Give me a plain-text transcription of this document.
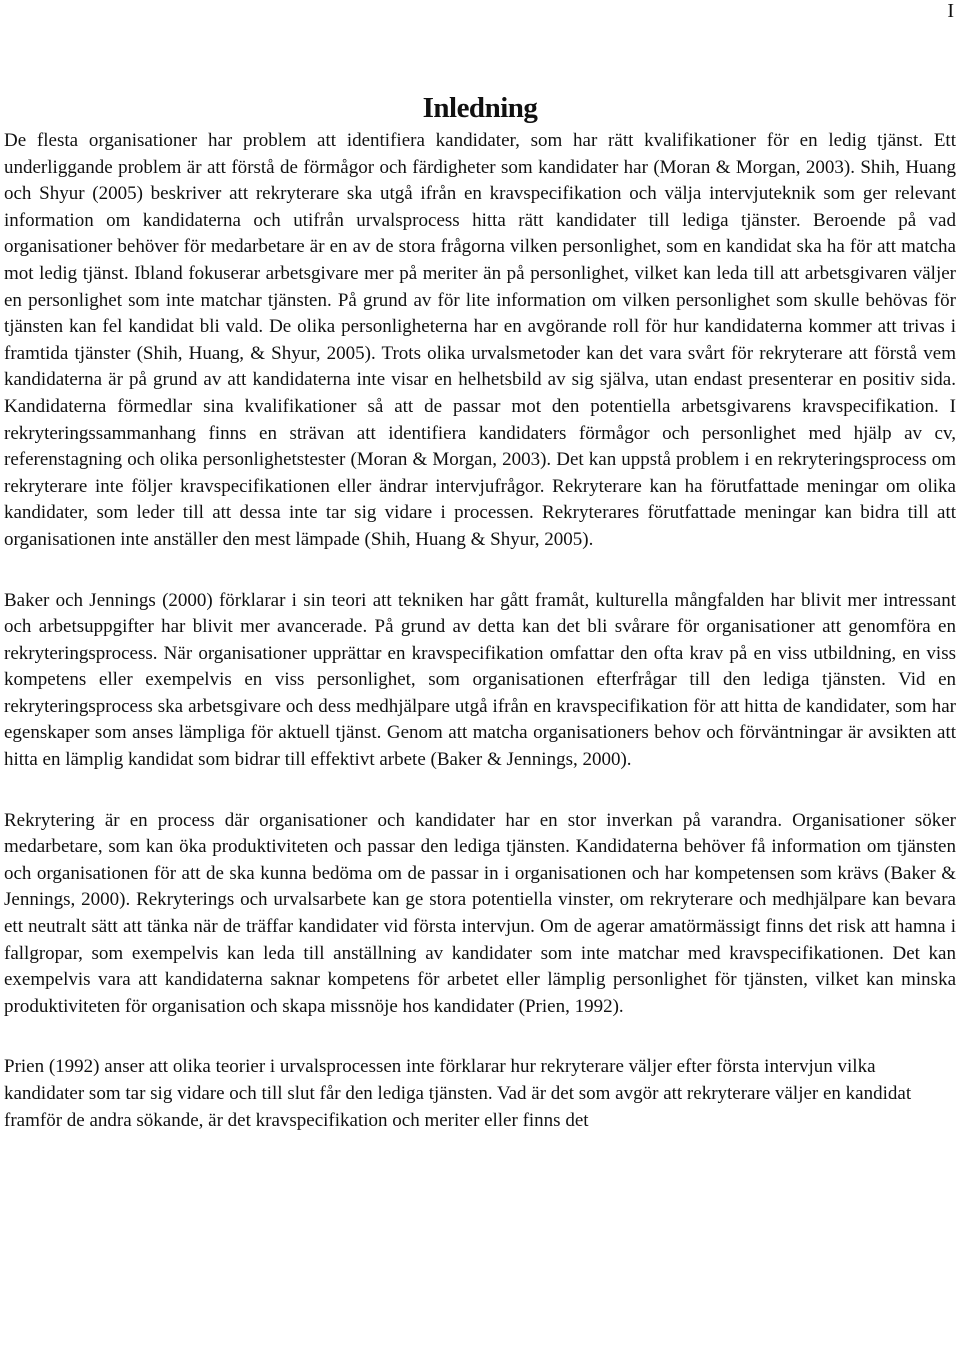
I
Inledning

De flesta organisationer har problem att identifiera kandidater, som har rätt kvalifikationer för en ledig tjänst. Ett underliggande problem är att förstå de förmågor och färdigheter som kandidater har (Moran & Morgan, 2003). Shih, Huang och Shyur (2005) beskriver att rekryterare ska utgå ifrån en kravspecifikation och välja intervjuteknik som ger relevant information om kandidaterna och utifrån urvalsprocess hitta rätt kandidater till lediga tjänster. Beroende på vad organisationer behöver för medarbetare är en av de stora frågorna vilken personlighet, som en kandidat ska ha för att matcha mot ledig tjänst. Ibland fokuserar arbetsgivare mer på meriter än på personlighet, vilket kan leda till att arbetsgivaren väljer en personlighet som inte matchar tjänsten. På grund av för lite information om vilken personlighet som skulle behövas för tjänsten kan fel kandidat bli vald. De olika personligheterna har en avgörande roll för hur kandidaterna kommer att trivas i framtida tjänster (Shih, Huang, & Shyur, 2005). Trots olika urvalsmetoder kan det vara svårt för rekryterare att förstå vem kandidaterna är på grund av att kandidaterna inte visar en helhetsbild av sig själva, utan endast presenterar en positiv sida. Kandidaterna förmedlar sina kvalifikationer så att de passar mot den potentiella arbetsgivarens kravspecifikation. I rekryteringssammanhang finns en strävan att identifiera kandidaters förmågor och personlighet med hjälp av cv, referenstagning och olika personlighetstester (Moran & Morgan, 2003). Det kan uppstå problem i en rekryteringsprocess om rekryterare inte följer kravspecifikationen eller ändrar intervjufrågor. Rekryterare kan ha förutfattade meningar om olika kandidater, som leder till att dessa inte tar sig vidare i processen. Rekryterares förutfattade meningar kan bidra till att organisationen inte anställer den mest lämpade (Shih, Huang & Shyur, 2005).

Baker och Jennings (2000) förklarar i sin teori att tekniken har gått framåt, kulturella mångfalden har blivit mer intressant och arbetsuppgifter har blivit mer avancerade. På grund av detta kan det bli svårare för organisationer att genomföra en rekryteringsprocess. När organisationer upprättar en kravspecifikation omfattar den ofta krav på en viss utbildning, en viss kompetens eller exempelvis en viss personlighet, som organisationen efterfrågar till den lediga tjänsten. Vid en rekryteringsprocess ska arbetsgivare och dess medhjälpare utgå ifrån en kravspecifikation för att hitta de kandidater, som har egenskaper som anses lämpliga för aktuell tjänst. Genom att matcha organisationers behov och förväntningar är avsikten att hitta en lämplig kandidat som bidrar till effektivt arbete (Baker & Jennings, 2000).

Rekrytering är en process där organisationer och kandidater har en stor inverkan på varandra. Organisationer söker medarbetare, som kan öka produktiviteten och passar den lediga tjänsten. Kandidaterna behöver få information om tjänsten och organisationen för att de ska kunna bedöma om de passar in i organisationen och har kompetensen som krävs (Baker & Jennings, 2000). Rekryterings och urvalsarbete kan ge stora potentiella vinster, om rekryterare och medhjälpare kan bevara ett neutralt sätt att tänka när de träffar kandidater vid första intervjun. Om de agerar amatörmässigt finns det risk att hamna i fallgropar, som exempelvis kan leda till anställning av kandidater som inte matchar med kravspecifikationen. Det kan exempelvis vara att kandidaterna saknar kompetens för arbetet eller lämplig personlighet för tjänsten, vilket kan minska produktiviteten för organisation och skapa missnöje hos kandidater (Prien, 1992).

Prien (1992) anser att olika teorier i urvalsprocessen inte förklarar hur rekryterare väljer efter första intervjun vilka kandidater som tar sig vidare och till slut får den lediga tjänsten. Vad är det som avgör att rekryterare väljer en kandidat framför de andra sökande, är det kravspecifikation och meriter eller finns det
